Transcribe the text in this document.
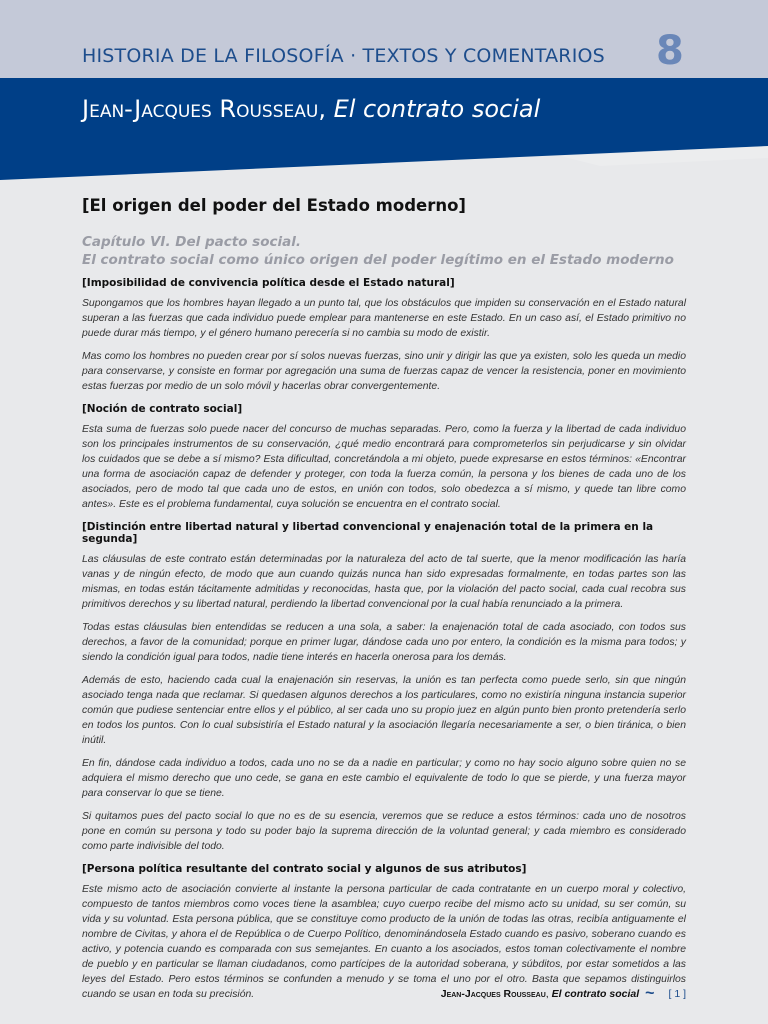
HISTORIA DE LA FILOSOFÍA · TEXTOS Y COMENTARIOS 8
Jean-Jacques Rousseau, El contrato social
[El origen del poder del Estado moderno]
Capítulo VI. Del pacto social.
El contrato social como único origen del poder legítimo en el Estado moderno
[Imposibilidad de convivencia política desde el Estado natural]

Supongamos que los hombres hayan llegado a un punto tal, que los obstáculos que impiden su conservación en el Estado natural superan a las fuerzas que cada individuo puede emplear para mantenerse en este Estado. En un caso así, el Estado primitivo no puede durar más tiempo, y el género humano perecería si no cambia su modo de existir.

Mas como los hombres no pueden crear por sí solos nuevas fuerzas, sino unir y dirigir las que ya existen, solo les queda un medio para conservarse, y consiste en formar por agregación una suma de fuerzas capaz de vencer la resistencia, poner en movimiento estas fuerzas por medio de un solo móvil y hacerlas obrar convergentemente.

[Noción de contrato social]

Esta suma de fuerzas solo puede nacer del concurso de muchas separadas. Pero, como la fuerza y la libertad de cada individuo son los principales instrumentos de su conservación, ¿qué medio encontrará para comprometerlos sin perjudicarse y sin olvidar los cuidados que se debe a sí mismo? Esta dificultad, concretándola a mi objeto, puede expresarse en estos términos: «Encontrar una forma de asociación capaz de defender y proteger, con toda la fuerza común, la persona y los bienes de cada uno de los asociados, pero de modo tal que cada uno de estos, en unión con todos, solo obedezca a sí mismo, y quede tan libre como antes». Este es el problema fundamental, cuya solución se encuentra en el contrato social.

[Distinción entre libertad natural y libertad convencional y enajenación total de la primera en la segunda]

Las cláusulas de este contrato están determinadas por la naturaleza del acto de tal suerte, que la menor modificación las haría vanas y de ningún efecto, de modo que aun cuando quizás nunca han sido expresadas formalmente, en todas partes son las mismas, en todas están tácitamente admitidas y reconocidas, hasta que, por la violación del pacto social, cada cual recobra sus primitivos derechos y su libertad natural, perdiendo la libertad convencional por la cual había renunciado a la primera.

Todas estas cláusulas bien entendidas se reducen a una sola, a saber: la enajenación total de cada asociado, con todos sus derechos, a favor de la comunidad; porque en primer lugar, dándose cada uno por entero, la condición es la misma para todos; y siendo la condición igual para todos, nadie tiene interés en hacerla onerosa para los demás.

Además de esto, haciendo cada cual la enajenación sin reservas, la unión es tan perfecta como puede serlo, sin que ningún asociado tenga nada que reclamar. Si quedasen algunos derechos a los particulares, como no existiría ninguna instancia superior común que pudiese sentenciar entre ellos y el público, al ser cada uno su propio juez en algún punto bien pronto pretendería serlo en todos los puntos. Con lo cual subsistiría el Estado natural y la asociación llegaría necesariamente a ser, o bien tiránica, o bien inútil.

En fin, dándose cada individuo a todos, cada uno no se da a nadie en particular; y como no hay socio alguno sobre quien no se adquiera el mismo derecho que uno cede, se gana en este cambio el equivalente de todo lo que se pierde, y una fuerza mayor para conservar lo que se tiene.

Si quitamos pues del pacto social lo que no es de su esencia, veremos que se reduce a estos términos: cada uno de nosotros pone en común su persona y todo su poder bajo la suprema dirección de la voluntad general; y cada miembro es considerado como parte indivisible del todo.

[Persona política resultante del contrato social y algunos de sus atributos]

Este mismo acto de asociación convierte al instante la persona particular de cada contratante en un cuerpo moral y colectivo, compuesto de tantos miembros como voces tiene la asamblea; cuyo cuerpo recibe del mismo acto su unidad, su ser común, su vida y su voluntad. Esta persona pública, que se constituye como producto de la unión de todas las otras, recibía antiguamente el nombre de Civitas, y ahora el de República o de Cuerpo Político, denominándosela Estado cuando es pasivo, soberano cuando es activo, y potencia cuando es comparada con sus semejantes. En cuanto a los asociados, estos toman colectivamente el nombre de pueblo y en particular se llaman ciudadanos, como partícipes de la autoridad soberana, y súbditos, por estar sometidos a las leyes del Estado. Pero estos términos se confunden a menudo y se toma el uno por el otro. Basta que sepamos distinguirlos cuando se usan en toda su precisión.	Jean-Jacques Rousseau, El contrato social ~ [ 1 ]
